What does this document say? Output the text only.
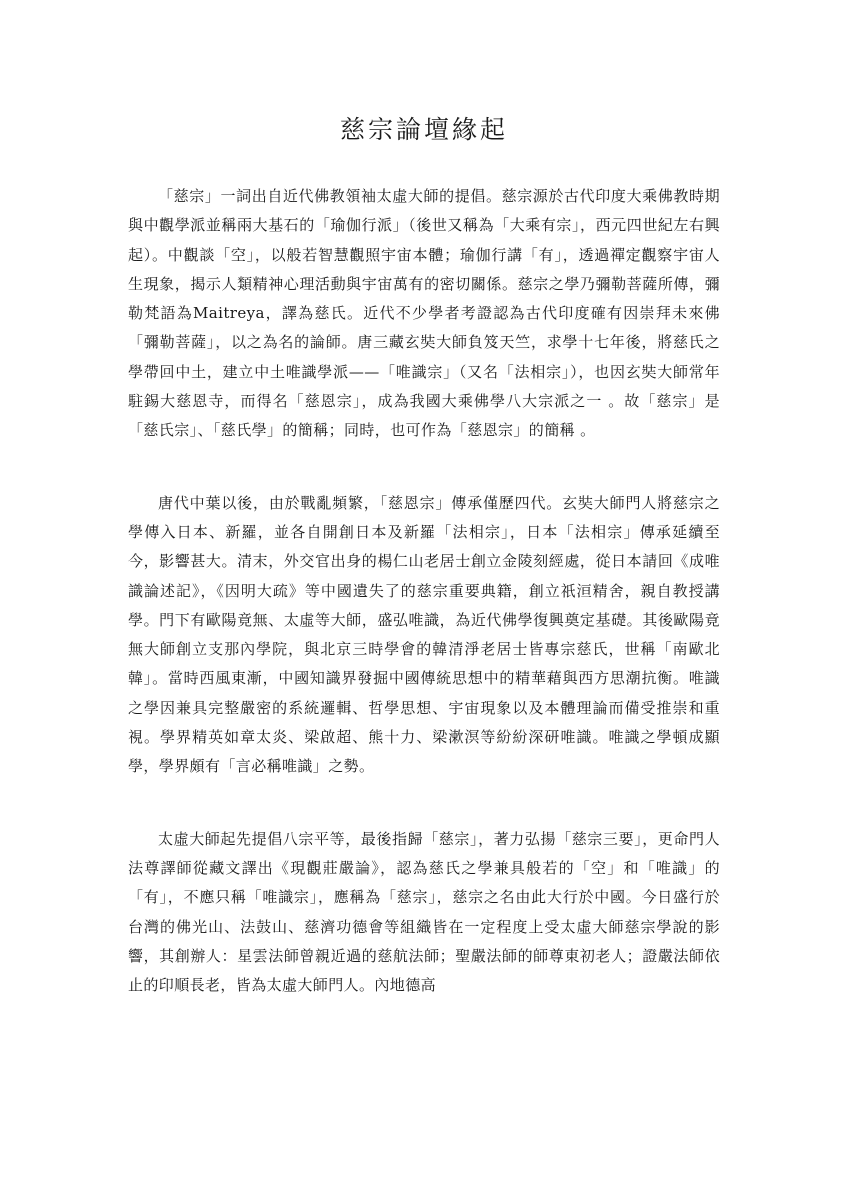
慈宗論壇緣起

「慈宗」一詞出自近代佛教領袖太虛大師的提倡。慈宗源於古代印度大乘佛教時期與中觀學派並稱兩大基石的「瑜伽行派」（後世又稱為「大乘有宗」，西元四世紀左右興起）。中觀談「空」，以般若智慧觀照宇宙本體；瑜伽行講「有」，透過禪定觀察宇宙人生現象，揭示人類精神心理活動與宇宙萬有的密切關係。慈宗之學乃彌勒菩薩所傳，彌勒梵語為Maitreya，譯為慈氏。近代不少學者考證認為古代印度確有因崇拜未來佛「彌勒菩薩」，以之為名的論師。唐三藏玄奘大師負笈天竺，求學十七年後，將慈氏之學帶回中土，建立中土唯識學派——「唯識宗」（又名「法相宗」），也因玄奘大師常年駐錫大慈恩寺，而得名「慈恩宗」，成為我國大乘佛學八大宗派之一 。故「慈宗」是「慈氏宗」、「慈氏學」的簡稱；同時，也可作為「慈恩宗」的簡稱 。

唐代中葉以後，由於戰亂頻繁，「慈恩宗」傳承僅歷四代。玄奘大師門人將慈宗之學傳入日本、新羅，並各自開創日本及新羅「法相宗」，日本「法相宗」傳承延續至今，影響甚大。清末，外交官出身的楊仁山老居士創立金陵刻經處，從日本請回《成唯識論述記》，《因明大疏》等中國遺失了的慈宗重要典籍，創立祇洹精舍，親自教授講學。門下有歐陽竟無、太虛等大師，盛弘唯識，為近代佛學復興奠定基礎。其後歐陽竟無大師創立支那內學院，與北京三時學會的韓清淨老居士皆專宗慈氏，世稱「南歐北韓」。當時西風東漸，中國知識界發掘中國傳統思想中的精華藉與西方思潮抗衡。唯識之學因兼具完整嚴密的系統邏輯、哲學思想、宇宙現象以及本體理論而備受推崇和重視。學界精英如章太炎、梁啟超、熊十力、梁漱溟等紛紛深研唯識。唯識之學頓成顯學，學界頗有「言必稱唯識」之勢。

太虛大師起先提倡八宗平等，最後指歸「慈宗」，著力弘揚「慈宗三要」，更命門人法尊譯師從藏文譯出《現觀莊嚴論》，認為慈氏之學兼具般若的「空」和「唯識」的「有」，不應只稱「唯識宗」，應稱為「慈宗」，慈宗之名由此大行於中國。今日盛行於台灣的佛光山、法鼓山、慈濟功德會等組織皆在一定程度上受太虛大師慈宗學說的影響，其創辦人：星雲法師曾親近過的慈航法師；聖嚴法師的師尊東初老人；證嚴法師依止的印順長老，皆為太虛大師門人。內地德高
